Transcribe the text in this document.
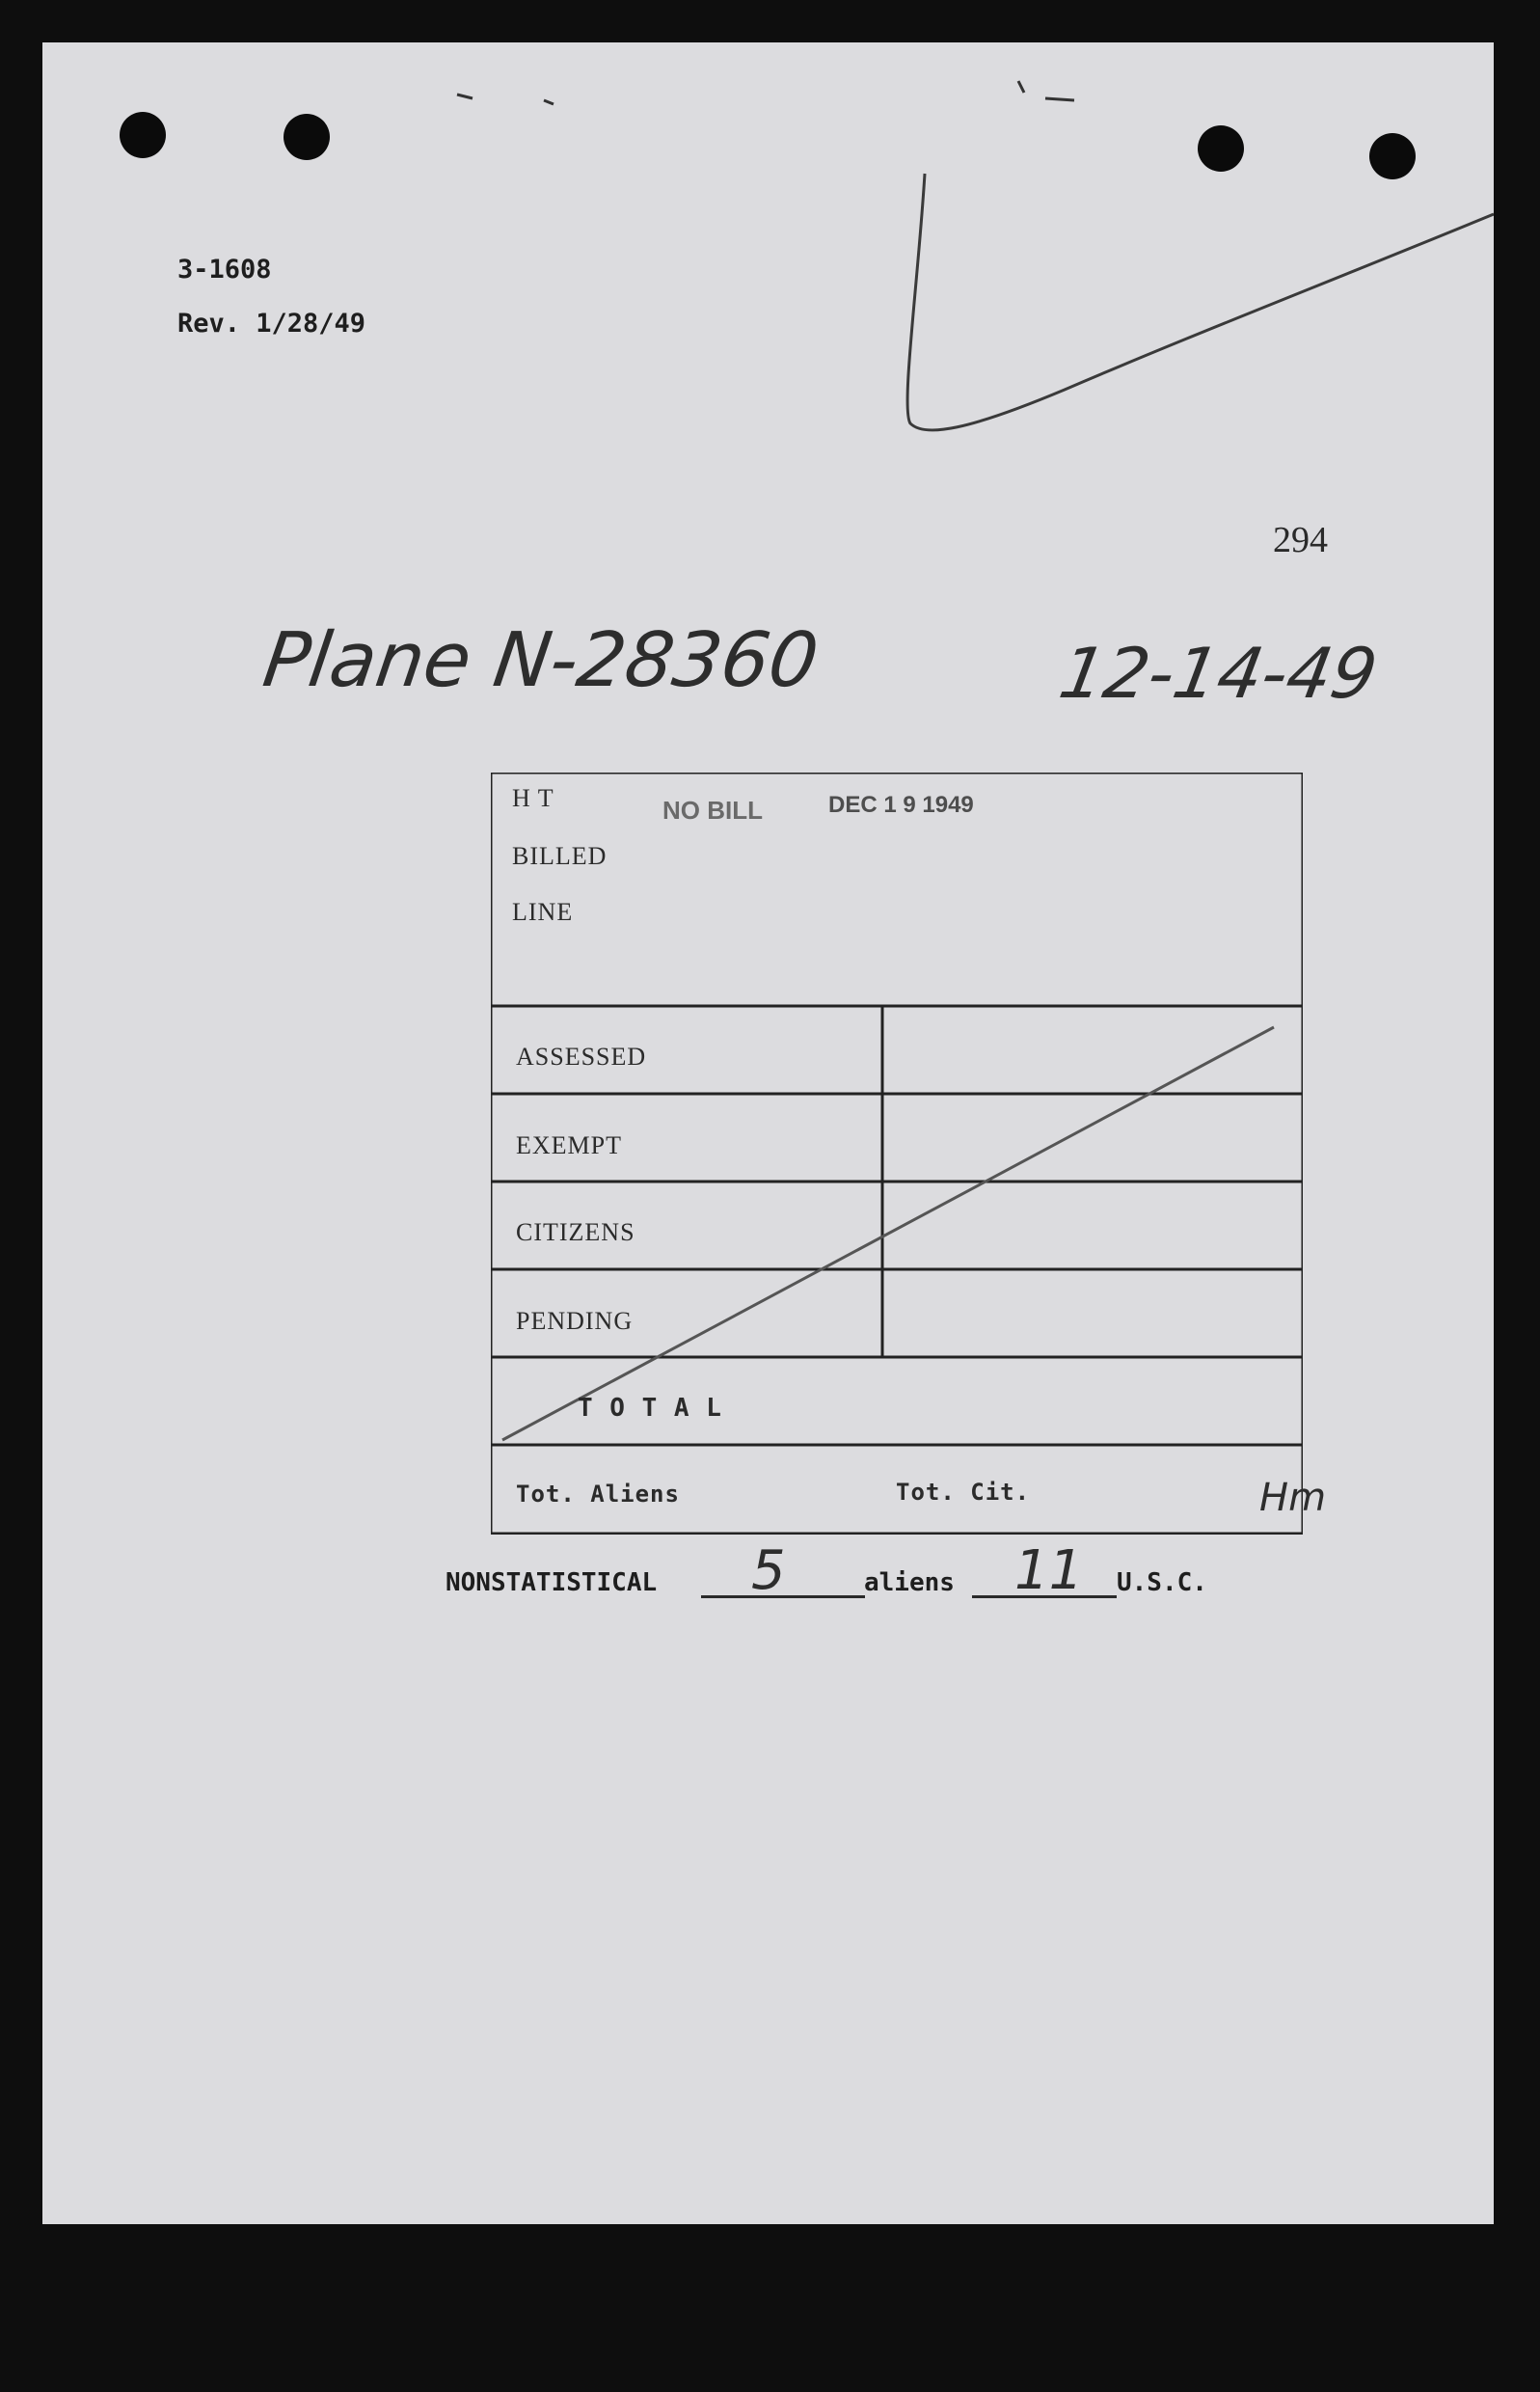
3-1608
Rev. 1/28/49
294
Plane N-28360	12-14-49
H T
BILLED
LINE
NO BILL	DEC 1 9 1949
ASSESSED
EXEMPT
CITIZENS
PENDING
T O T A L
Tot. Aliens	Tot. Cit.	Hm
NONSTATISTICAL 5	aliens 11 U.S.C.
